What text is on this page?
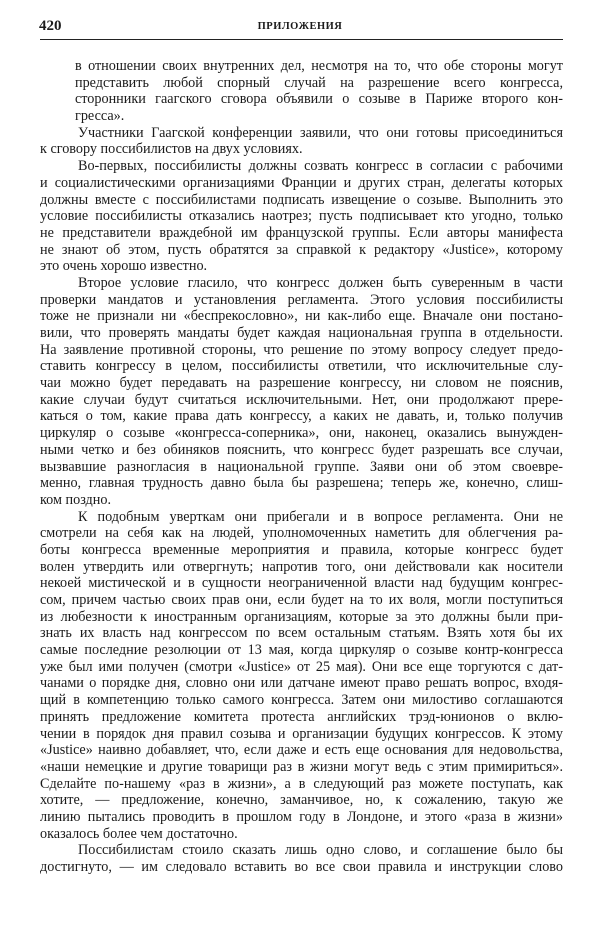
420	ПРИЛОЖЕНИЯ
в отношении своих внутренних дел, несмотря на то, что обе стороны могут
представить любой спорный случай на разрешение всего конгресса,
сторонники гаагского сговора объявили о созыве в Париже второго кон-
гресса».
Участники Гаагской конференции заявили, что они готовы присоединиться
к сговору поссибилистов на двух условиях.
Во-первых, поссибилисты должны созвать конгресс в согласии с рабочими
и социалистическими организациями Франции и других стран, делегаты которых
должны вместе с поссибилистами подписать извещение о созыве. Выполнить это
условие поссибилисты отказались наотрез; пусть подписывает кто угодно, только
не представители враждебной им французской группы. Если авторы манифеста
не знают об этом, пусть обратятся за справкой к редактору «Justice», которому
это очень хорошо известно.
Второе условие гласило, что конгресс должен быть суверенным в части
проверки мандатов и установления регламента. Этого условия поссибилисты
тоже не признали ни «беспрекословно», ни как-либо еще. Вначале они постано-
вили, что проверять мандаты будет каждая национальная группа в отдельности.
На заявление противной стороны, что решение по этому вопросу следует предо-
ставить конгрессу в целом, поссибилисты ответили, что исключительные слу-
чаи можно будет передавать на разрешение конгрессу, ни словом не пояснив,
какие случаи будут считаться исключительными. Нет, они продолжают прере-
каться о том, какие права дать конгрессу, а каких не давать, и, только получив
циркуляр о созыве «конгресса-соперника», они, наконец, оказались вынужден-
ными четко и без обиняков пояснить, что конгресс будет разрешать все случаи,
вызвавшие разногласия в национальной группе. Заяви они об этом своевре-
менно, главная трудность давно была бы разрешена; теперь же, конечно, слиш-
ком поздно.
К подобным уверткам они прибегали и в вопросе регламента. Они не
смотрели на себя как на людей, уполномоченных наметить для облегчения ра-
боты конгресса временные мероприятия и правила, которые конгресс будет
волен утвердить или отвергнуть; напротив того, они действовали как носители
некоей мистической и в сущности неограниченной власти над будущим конгрес-
сом, причем частью своих прав они, если будет на то их воля, могли поступиться
из любезности к иностранным организациям, которые за это должны были при-
знать их власть над конгрессом по всем остальным статьям. Взять хотя бы их
самые последние резолюции от 13 мая, когда циркуляр о созыве контр-конгресса
уже был ими получен (смотри «Justice» от 25 мая). Они все еще торгуются с дат-
чанами о порядке дня, словно они или датчане имеют право решать вопрос, входя-
щий в компетенцию только самого конгресса. Затем они милостиво соглашаются
принять предложение комитета протеста английских трэд-юнионов о вклю-
чении в порядок дня правил созыва и организации будущих конгрессов. К этому
«Justice» наивно добавляет, что, если даже и есть еще основания для недовольства,
«наши немецкие и другие товарищи раз в жизни могут ведь с этим примириться».
Сделайте по-нашему «раз в жизни», а в следующий раз можете поступать, как
хотите, — предложение, конечно, заманчивое, но, к сожалению, такую же
линию пытались проводить в прошлом году в Лондоне, и этого «раза в жизни»
оказалось более чем достаточно.
Поссибилистам стоило сказать лишь одно слово, и соглашение было бы
достигнуто, — им следовало вставить во все свои правила и инструкции слово
